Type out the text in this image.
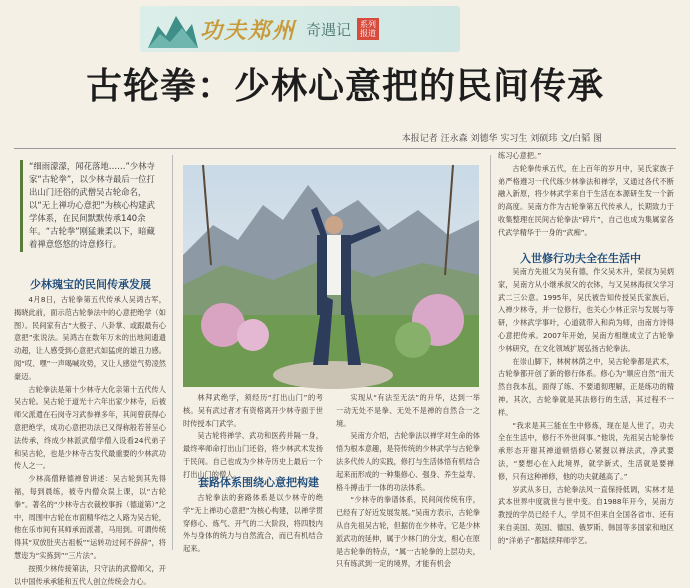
功夫郑州 奇遇记	系列报道
古轮拳：少林心意把的民间传承
本报记者 汪永森 刘德华 实习生 刘硕玮 文/白韬 图
“细雨濛濛，闻花落地……”少林寺家“古轮拳”，以少林寺最后一位打出山门还俗的武僧吴古轮命名，以“无上禅功心意把”为核心构建武学体系，在民间默默传承140余年。“古轮拳”刚猛兼柔以下，暗藏着禅意悠悠的诗意修行。
少林瑰宝的民间传承发展

4月8日，古轮拳第五代传承人吴鸿古军，揭晓此前，面示范古轮拳法中的心意把绝学（如图）。民间家有古“大极子、八卦掌、或跟最有心意把”张说法。吴鸿古在数年万未的出地间遗遗动超，让人感受到心意把式如猛虎的雄丑力感。闻“哎、嘿”一声喝喊攻势，又让人感觉气势凌然豪迈。

古轮拳法是第十少林寺大化亲第十五代传人吴古轮。吴古轮于道光十六年出家少林寺，后被师父派遣在石岗寺习武参禅多年，其间曾获得心意把绝学，成功心意把功法已又得称般若菩呈心法传承，终成少林派武僧学僧入设看24代弟子和吴古轮，也是少林寺古发代最重要的少林武功传人之一。

少林高僧释德禅曾讲述：吴古轮到其先得福，每到晨练，被寺内僧众误上课，以“古轮拳”。著名的“少林寺古衣裁校事拆（德道第）”之中，周围中古轮在市面精华结之人路为吴古轮，他在乐市间有其师承而派著，马用到。可谓传统得其“双放肚夹古祖板”“运转功过何不辞辞”，将慧迩为“实拣到”“三片法”。

按照少林传接第法，只守法的武僧师父，开以中国传承承能和五代人创立传统会力心。

林拜武绝学，须经历“打出山门”的考核。吴有武过者才有资格离开少林寺面于世时传授本门武学。

吴古轮将禅学、武功和医药并隔一身，最终率师命打出山门还俗，将少林武术发扬于民间。自己也成为少林寺历史上最后一个打出山门的僧人。

套路体系围绕心意把构建

古轮拳法的套路体系是以少林寺的绝学“无上禅功心意把”为核心构建，以禅学贯穿修心、炼气、开气的二大阶段，将四肢内外与身体的统力与自然流合，而已有机结合起来。

实现从“有法至无法”的升华，达到一举一动无处不是拳、无处不是禅的自然合一之境。

吴南方介绍，古轮拳法以禅学对生命的体悟为根本意趣，是符传统的少林武学与古轮拳法多代传人的实践，修打与生活体悟有机结合起来而形成的一种集修心、强身、养生益寿、格斗搏击于一体的功法体系。

“少林寺的拳谱体系，民间间传统有序，已经有了好近发展发展。”吴南方表示，古轮拳从自先祖吴古轮，但据仿在少林寺，它是少林派武功的延伸，属于少林门的分支，相心在原是古轮拳的特点，“属一古轮拳的上层功夫，只有练武到一定的境界，才能有机会

练习心意把。”

古轮拳传承五代，在上百年的岁月中，吴氏家族子弟严格遵习一代代练少林拳法和禅学，又通过各代不断融入新原，将少林武学来自于生活在本源研生发一个新的高度。吴南方作为古轮拳第五代传承人，长期致力于收集整理在民间古轮拳法“碎片”，自己也成为集属家各代武学精华于一身的“武痴”。

入世修行功夫全在生活中

吴南方先祖父为吴有德，作父吴木升，荣叔为吴炳家，吴南方从小继承叔父的衣钵，与又吴林海叔父学习武二三公意。1995年，吴氏被告知传授吴氏家族后，入禅少林寺，并一位修行，也关心少林正宗与发展与等研，少林武学事叶，心道就带入和尚为师，由南方诗得心意把传承。2007年开始，吴南方相继成立了古轮拳少林研究，在文化领域扩展弘扬古轮拳法。

在崇山脚下，林树林荫之中，吴古轮拳都是武术，古轮拳都开创了新的修行体系。修心为“顺应自然”而天然自我本乱，面得了练、不要通彻理解，正是练功的精神。其次，古轮拳就是其法修行的生活，其过程不一样。

“我求是其三能在生中修炼，现在是人世了，功夫全在生活中，修行不外世间事。”他说，先祖吴古轮拳传承形态开谢其禅道顿悟修心紧握以禅法武，净武要法，“要想心在入此境界，就学新式，生活就是要禅修，只有这种禅修，他的功夫就越高了。”

岁武从多日，古轮拳法风一直保持低调，实林才是武本世界中度就世与世中变。自1988年开今，吴南方教授的学员已经千人，学员不但来自全国各省市、还有来自美国、英国、德国、俄罗斯、韩国等多国家和地区的“洋弟子”都陆续拜师学艺。
